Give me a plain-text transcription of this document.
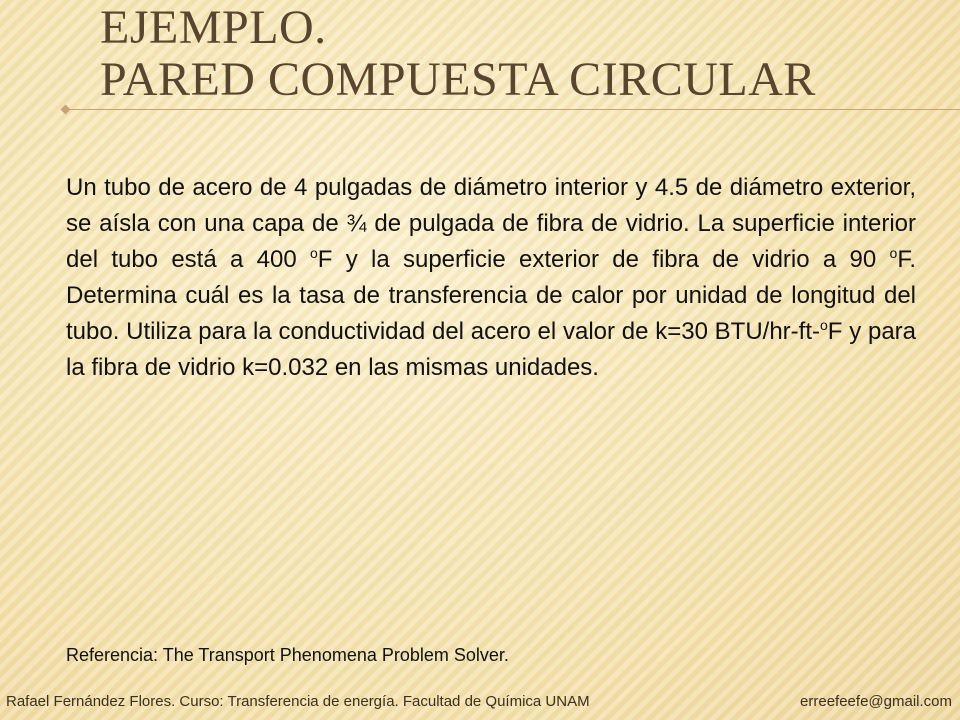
EJEMPLO.
PARED COMPUESTA CIRCULAR
Un tubo de acero de 4 pulgadas de diámetro interior y 4.5 de diámetro exterior, se aísla con una capa de ¾ de pulgada de fibra de vidrio. La superficie interior del tubo está a 400 $^o$F y la superficie exterior de fibra de vidrio a 90 $^o$F. Determina cuál es la tasa de transferencia de calor por unidad de longitud del tubo. Utiliza para la conductividad del acero el valor de k=30 BTU/hr-ft-$^o$F y para la fibra de vidrio k=0.032 en las mismas unidades.
Referencia: The Transport Phenomena Problem Solver.
Rafael Fernández Flores. Curso: Transferencia de energía. Facultad de Química UNAM	erreefeefe@gmail.com
